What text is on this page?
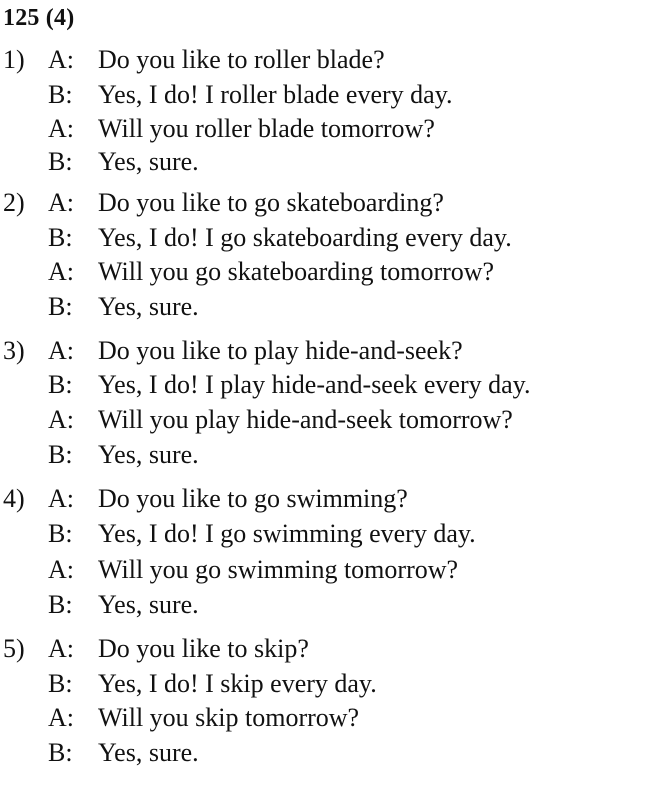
125 (4)
1) A: Do you like to roller blade?
B: Yes, I do! I roller blade every day.
A: Will you roller blade tomorrow?
B: Yes, sure.
2) A: Do you like to go skateboarding?
B: Yes, I do! I go skateboarding every day.
A: Will you go skateboarding tomorrow?
B: Yes, sure.
3) A: Do you like to play hide-and-seek?
B: Yes, I do! I play hide-and-seek every day.
A: Will you play hide-and-seek tomorrow?
B: Yes, sure.
4) A: Do you like to go swimming?
B: Yes, I do! I go swimming every day.
A: Will you go swimming tomorrow?
B: Yes, sure.
5) A: Do you like to skip?
B: Yes, I do! I skip every day.
A: Will you skip tomorrow?
B: Yes, sure.
